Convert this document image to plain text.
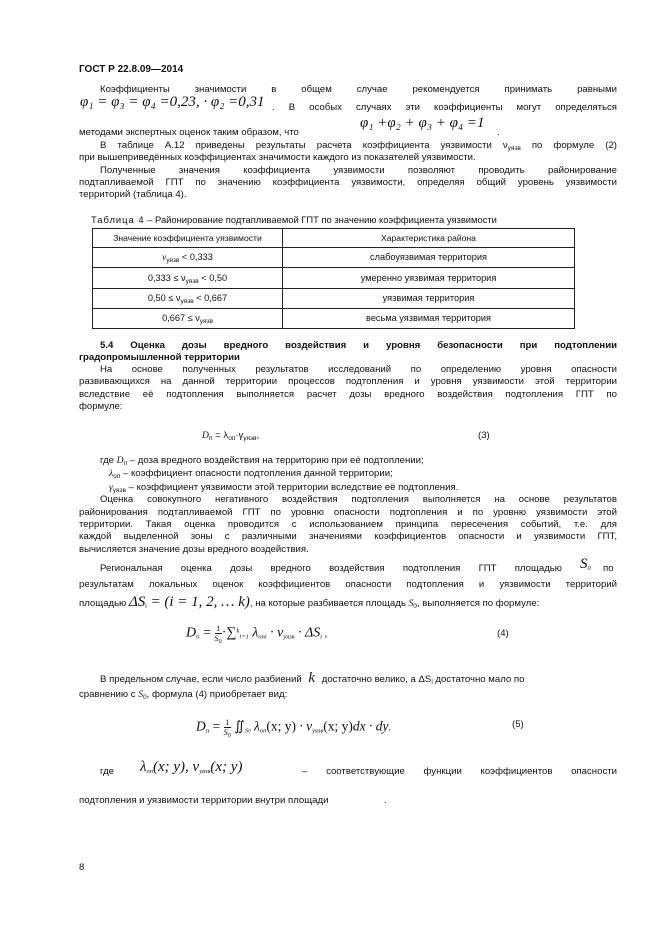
ГОСТ Р 22.8.09—2014
Коэффициенты значимости в общем случае рекомендуется принимать равными
φ₁ = φ₃ = φ₄ =0,23, · φ₂ =0,31 . В особых случаях эти коэффициенты могут определяться
методами экспертных оценок таким образом, что
φ₁ +φ₂ + φ₃ + φ₄ =1
.
В таблице А.12 приведены результаты расчета коэффициента уязвимости $\nu_{уязв}$ по формуле (2)
при вышеприведённых коэффициентах значимости каждого из показателей уязвимости.
Полученные значения коэффициента уязвимости позволяют проводить районирование
подтапливаемой ГПТ по значению коэффициента уязвимости, определяя общий уровень уязвимости
территорий (таблица 4).
Таблица 4 – Районирование подтапливаемой ГПТ по значению коэффициента уязвимости
Значение коэффициента уязвимости	Характеристика района
$\nu_{уязв} < 0,333$	слабоуязвимая территория
$0,333 \le \nu_{уязв} < 0,50$	умеренно уязвимая территория
$0,50 \le \nu_{уязв} < 0,667$	уязвимая территория
$0,667 \le \nu_{уязв}$	весьма уязвимая территория
5.4 Оценка дозы вредного воздействия и уровня безопасности при подтоплении
градопромышленной территории
На основе полученных результатов исследований по определению уровня опасности
развивающихся на данной территории процессов подтопления и уровня уязвимости этой территории
вследствие её подтопления выполняется расчет дозы вредного воздействия подтопления ГПТ по
формуле:
$D_п = \lambda_{оп}\cdot\gamma_{уязв}$,	(3)
где $D_п$ – доза вредного воздействия на территорию при её подтоплении;
$\lambda_{оп}$ – коэффициент опасности подтопления данной территории;
$\gamma_{уязв}$ – коэффициент уязвимости этой территории вследствие её подтопления.
Оценка совокупного негативного воздействия подтопления выполняется на основе результатов
районирования подтапливаемой ГПТ по уровню опасности подтопления и по уровню уязвимости этой
территории. Такая оценка проводится с использованием принципа пересечения событий, т.е. для
каждой выделенной зоны с различными значениями коэффициентов опасности и уязвимости ГПТ,
вычисляется значение дозы вредного воздействия.
Региональная оценка дозы вредного воздействия подтопления ГПТ площадью $S_0$ по
результатам локальных оценок коэффициентов опасности подтопления и уязвимости территорий
площадью $\Delta S_i = (i = 1$, 2, … k), на которые разбивается площадь $S_0$, выполняется по формуле:
$D_п = 1$
$S_0\cdot\sum^k_{i=1}$ $\lambda_{опi} \cdot \nu_{уязв} \cdot \Delta S_i$ ,	(4)
В предельном случае, если число разбиений k достаточно велико, а $\Delta S_i$ достаточно мало по
сравнению с $S_0$, формула (4) приобретает вид:
$D_п = 1$
$S_0$ $∬_{S0}$ $\lambda_{оп}(x$; $y) \cdot \nu_{уязв}(x$; y)dx · dy.	(5)
где $\lambda_{оп}(x$; y), $\nu_{уязв}(x$; y)	– соответствующие функции коэффициентов опасности
подтопления и уязвимости территории внутри площади	.
8
